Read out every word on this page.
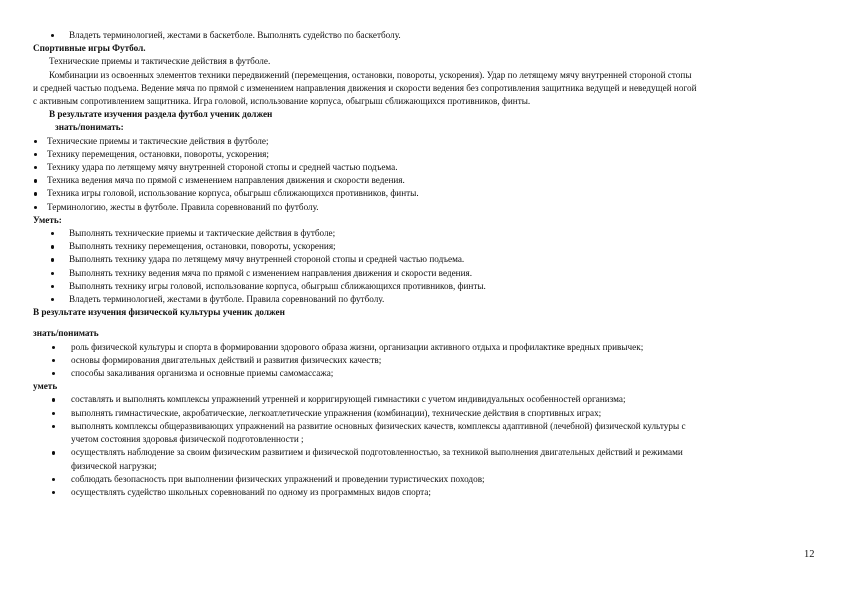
Владеть терминологией, жестами в баскетболе. Выполнять судейство по баскетболу.
Спортивные игры Футбол.
Технические приемы и тактические действия в футболе.
Комбинации из освоенных элементов техники передвижений (перемещения, остановки, повороты, ускорения). Удар по летящему мячу внутренней стороной стопы
и средней частью подъема. Ведение мяча по прямой с изменением направления движения и скорости ведения без сопротивления защитника ведущей и неведущей ногой
с активным сопротивлением защитника. Игра головой, использование корпуса, обыгрыш сближающихся противников, финты.
В результате изучения раздела футбол ученик должен
знать/понимать:
Технические приемы и тактические действия в футболе;
Технику перемещения, остановки, повороты, ускорения;
Технику удара по летящему мячу внутренней стороной стопы и средней частью подъема.
Техника ведения мяча по прямой с изменением направления движения и скорости ведения.
Техника игры головой, использование корпуса, обыгрыш сближающихся противников, финты.
Терминологию, жесты в футболе. Правила соревнований по футболу.
Уметь:
Выполнять технические приемы и тактические действия в футболе;
Выполнять технику перемещения, остановки, повороты, ускорения;
Выполнять технику удара по летящему мячу внутренней стороной стопы и средней частью подъема.
Выполнять технику ведения мяча по прямой с изменением направления движения и скорости ведения.
Выполнять технику игры головой, использование корпуса, обыгрыш сближающихся противников, финты.
Владеть терминологией, жестами в футболе. Правила соревнований по футболу.
В результате изучения физической культуры ученик должен
знать/понимать
роль физической культуры и спорта в формировании здорового образа жизни, организации активного отдыха и профилактике вредных привычек;
основы формирования двигательных действий и развития физических качеств;
способы закаливания организма и основные приемы самомассажа;
уметь
составлять и выполнять комплексы упражнений утренней и корригирующей гимнастики с учетом индивидуальных особенностей организма;
выполнять гимнастические, акробатические, легкоатлетические упражнения (комбинации), технические действия в спортивных играх;
выполнять комплексы общеразвивающих упражнений на развитие основных физических качеств, комплексы адаптивной (лечебной) физической культуры с
учетом состояния здоровья физической подготовленности ;
осуществлять наблюдение за своим физическим развитием и физической подготовленностью, за техникой выполнения двигательных действий и режимами
физической нагрузки;
соблюдать безопасность при выполнении физических упражнений и проведении туристических походов;
осуществлять судейство школьных соревнований по одному из программных видов спорта;
12
